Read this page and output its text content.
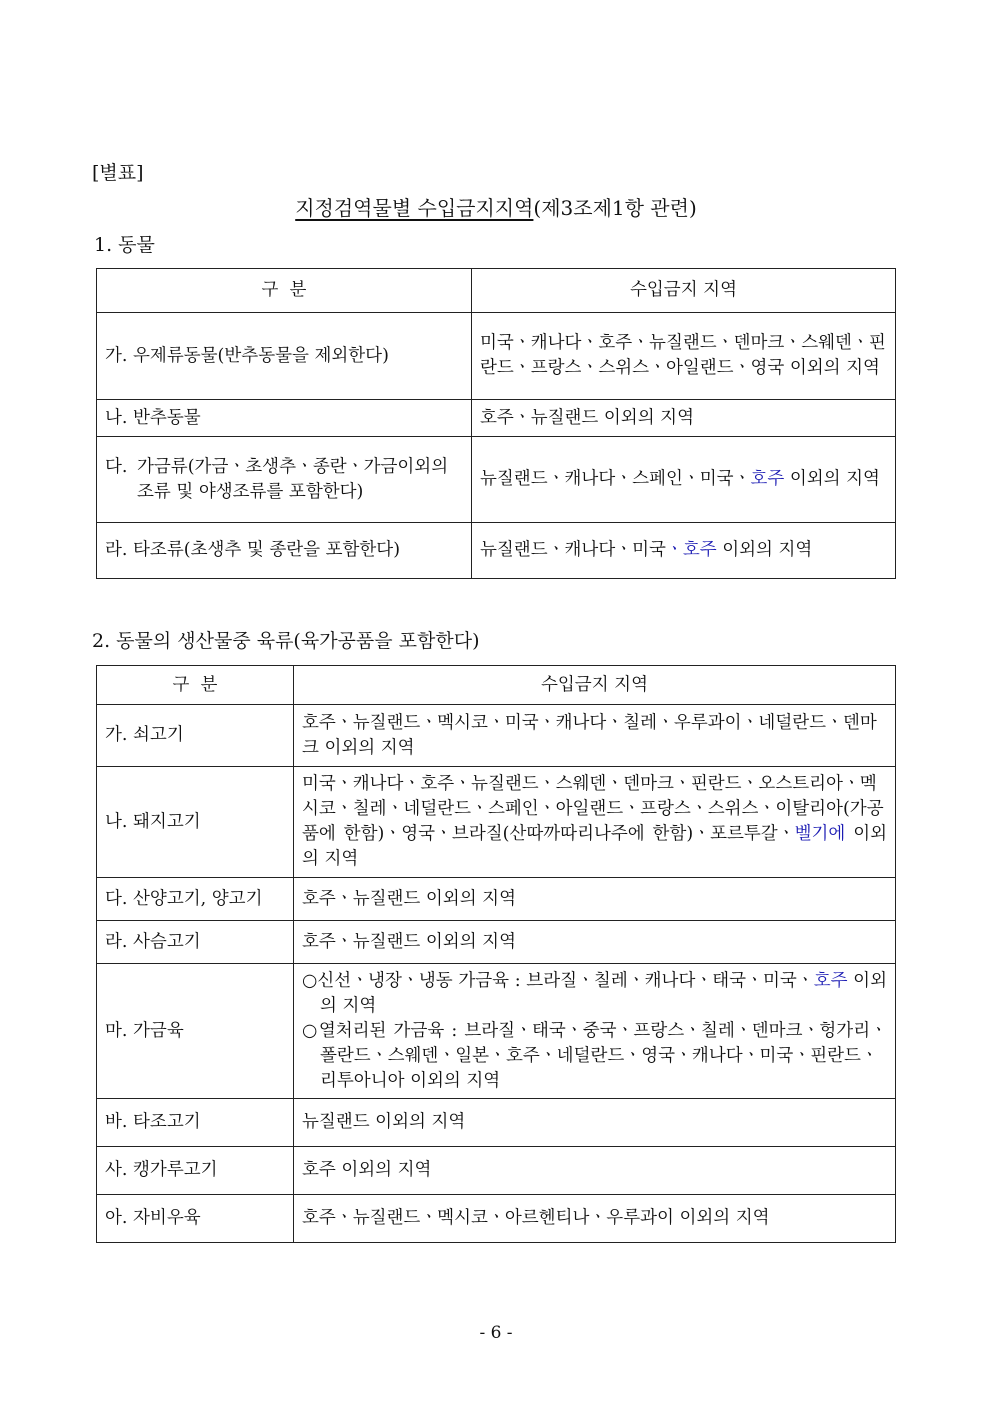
[별표]
지정검역물별 수입금지지역(제3조제1항 관련)
1. 동물
구  분	수입금지 지역
가. 우제류동물(반추동물을 제외한다)	미국ㆍ캐나다ㆍ호주ㆍ뉴질랜드ㆍ덴마크ㆍ스웨덴ㆍ핀란드ㆍ프랑스ㆍ스위스ㆍ아일랜드ㆍ영국 이외의 지역
나. 반추동물	호주ㆍ뉴질랜드 이외의 지역

다. 가금류(가금ㆍ초생추ㆍ종란ㆍ가금이외의 조류 및 야생조류를 포함한다)	뉴질랜드ㆍ캐나다ㆍ스페인ㆍ미국ㆍ호주 이외의 지역
라. 타조류(초생추 및 종란을 포함한다)	뉴질랜드ㆍ캐나다ㆍ미국ㆍ호주 이외의 지역
2. 동물의 생산물중 육류(육가공품을 포함한다)
구  분	수입금지 지역
가. 쇠고기	호주ㆍ뉴질랜드ㆍ멕시코ㆍ미국ㆍ캐나다ㆍ칠레ㆍ우루과이ㆍ네덜란드ㆍ덴마크 이외의 지역
나. 돼지고기	미국ㆍ캐나다ㆍ호주ㆍ뉴질랜드ㆍ스웨덴ㆍ덴마크ㆍ핀란드ㆍ오스트리아ㆍ멕시코ㆍ칠레ㆍ네덜란드ㆍ스페인ㆍ아일랜드ㆍ프랑스ㆍ스위스ㆍ이탈리아(가공품에 한함)ㆍ영국ㆍ브라질(산따까따리나주에 한함)ㆍ포르투갈ㆍ벨기에 이외의 지역
다. 산양고기, 양고기	호주ㆍ뉴질랜드 이외의 지역
라. 사슴고기	호주ㆍ뉴질랜드 이외의 지역
마. 가금육	○신선ㆍ냉장ㆍ냉동 가금육 : 브라질ㆍ칠레ㆍ캐나다ㆍ태국ㆍ미국ㆍ호주 이외의 지역
○열처리된 가금육 : 브라질ㆍ태국ㆍ중국ㆍ프랑스ㆍ칠레ㆍ덴마크ㆍ헝가리ㆍ폴란드ㆍ스웨덴ㆍ일본ㆍ호주ㆍ네덜란드ㆍ영국ㆍ캐나다ㆍ미국ㆍ핀란드ㆍ리투아니아 이외의 지역

바. 타조고기	뉴질랜드 이외의 지역
사. 캥가루고기	호주 이외의 지역
아. 자비우육	호주ㆍ뉴질랜드ㆍ멕시코ㆍ아르헨티나ㆍ우루과이 이외의 지역
- 6 -
